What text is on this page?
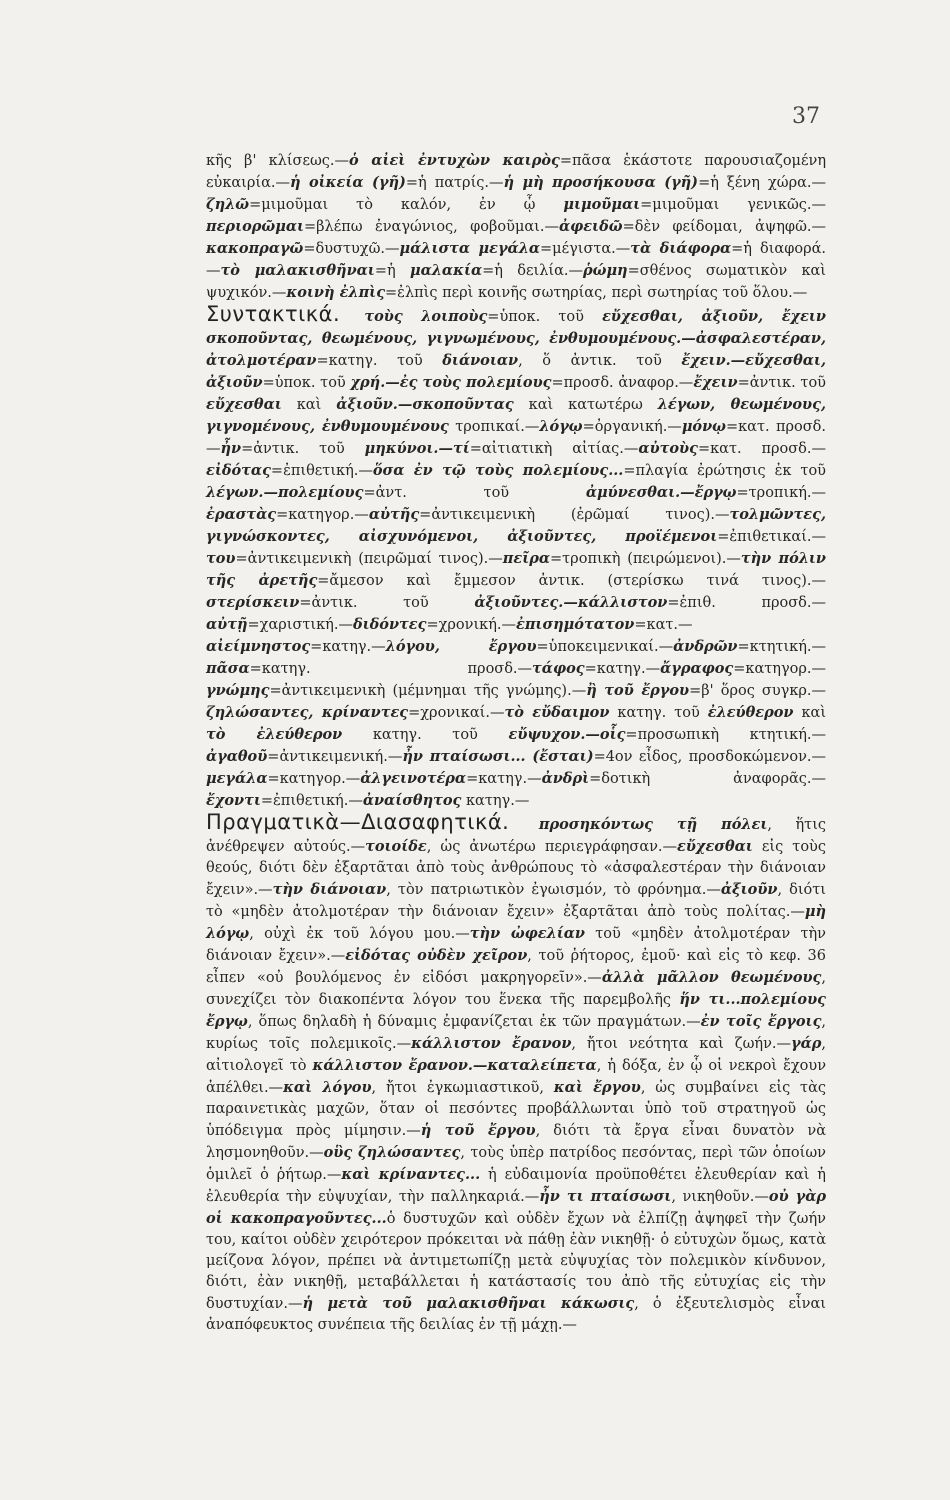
37

κῆς β' κλίσεως.—ὁ αἰεὶ ἐντυχὼν καιρὸς=πᾶσα ἑκάστοτε παρουσιαζομένη εὐκαιρία.—ἡ οἰκεία (γῆ)=ἡ πατρίς.—ἡ μὴ προσήκουσα (γῆ)=ἡ ξένη χώρα.—ζηλῶ=μιμοῦμαι τὸ καλόν, ἐν ᾧ μιμοῦμαι=μιμοῦμαι γενικῶς.—περιορῶμαι=βλέπω ἐναγώνιος, φοβοῦμαι.—ἀφειδῶ=δὲν φείδομαι, ἀψηφῶ.—κακοπραγῶ=δυστυχῶ.—μάλιστα μεγάλα=μέγιστα.—τὰ διάφορα=ἡ διαφορά.—τὸ μαλακισθῆναι=ἡ μαλακία=ἡ δειλία.—ῥώμη=σθένος σωματικὸν καὶ ψυχικόν.—κοινὴ ἐλπὶς=ἐλπὶς περὶ κοινῆς σωτηρίας, περὶ σωτηρίας τοῦ ὅλου.—

Συντακτικά. τοὺς λοιποὺς=ὑποκ. τοῦ εὔχεσθαι, ἀξιοῦν, ἔχειν σκοποῦντας, θεωμένους, γιγνωμένους, ἐνθυμουμένους.—ἀσφαλεστέραν, ἀτολμοτέραν=κατηγ. τοῦ διάνοιαν, ὅ ἀντικ. τοῦ ἔχειν.—εὔχεσθαι, ἀξιοῦν=ὑποκ. τοῦ χρή.—ἐς τοὺς πολεμίους=προσδ. ἀναφορ.—ἔχειν=ἀντικ. τοῦ εὔχεσθαι καὶ ἀξιοῦν.—σκοποῦντας καὶ κατωτέρω λέγων, θεωμένους, γιγνομένους, ἐνθυμουμένους τροπικαί.—λόγῳ=ὀργανική.—μόνῳ=κατ. προσδ.—ἦν=ἀντικ. τοῦ μηκύνοι.—τί=αἰτιατικὴ αἰτίας.—αὐτοὺς=κατ. προσδ.—εἰδότας=ἐπιθετική.—ὅσα ἐν τῷ τοὺς πολεμίους...=πλαγία ἐρώτησις ἐκ τοῦ λέγων.—πολεμίους=ἀντ. τοῦ ἀμύνεσθαι.—ἔργῳ=τροπική.—ἐραστὰς=κατηγορ.—αὐτῆς=ἀντικειμενικὴ (ἐρῶμαί τινος).—τολμῶντες, γιγνώσκοντες, αἰσχυνόμενοι, ἀξιοῦντες, προϊέμενοι=ἐπιθετικαί.—του=ἀντικειμενικὴ (πειρῶμαί τινος).—πεῖρα=τροπικὴ (πειρώμενοι).—τὴν πόλιν τῆς ἀρετῆς=ἄμεσον καὶ ἔμμεσον ἀντικ. (στερίσκω τινά τινος).—στερίσκειν=ἀντικ. τοῦ ἀξιοῦντες.—κάλλιστον=ἐπιθ. προσδ.—αὐτῇ=χαριστική.—διδόντες=χρονική.—ἐπισημότατον=κατ.—αἰείμνηστος=κατηγ.—λόγου, ἔργου=ὑποκειμενικαί.—ἀνδρῶν=κτητική.—πᾶσα=κατηγ. προσδ.—τάφος=κατηγ.—ἄγραφος=κατηγορ.—γνώμης=ἀντικειμενικὴ (μέμνημαι τῆς γνώμης).—ἢ τοῦ ἔργου=β' ὅρος συγκρ.—ζηλώσαντες, κρίναντες=χρονικαί.—τὸ εὔδαιμον κατηγ. τοῦ ἐλεύθερον καὶ τὸ ἐλεύθερον κατηγ. τοῦ εὔψυχον.—οἷς=προσωπικὴ κτητική.—ἀγαθοῦ=ἀντικειμενική.—ἦν πταίσωσι... (ἔσται)=4ον εἶδος, προσδοκώμενον.—μεγάλα=κατηγορ.—ἀλγεινοτέρα=κατηγ.—ἀνδρὶ=δοτικὴ ἀναφορᾶς.—ἔχοντι=ἐπιθετική.—ἀναίσθητος κατηγ.—

Πραγματικὰ—Διασαφητικά. προσηκόντως τῇ πόλει, ἥτις ἀνέθρεψεν αὐτούς.—τοιοίδε, ὡς ἀνωτέρω περιεγράφησαν.—εὔχεσθαι εἰς τοὺς θεούς, διότι δὲν ἐξαρτᾶται ἀπὸ τοὺς ἀνθρώπους τὸ «ἀσφαλεστέραν τὴν διάνοιαν ἔχειν».—τὴν διάνοιαν, τὸν πατριωτικὸν ἐγωισμόν, τὸ φρόνημα.—ἀξιοῦν, διότι τὸ «μηδὲν ἀτολμοτέραν τὴν διάνοιαν ἔχειν» ἐξαρτᾶται ἀπὸ τοὺς πολίτας.—μὴ λόγῳ, οὐχὶ ἐκ τοῦ λόγου μου.—τὴν ὠφελίαν τοῦ «μηδὲν ἀτολμοτέραν τὴν διάνοιαν ἔχειν».—εἰδότας οὐδὲν χεῖρον, τοῦ ῥήτορος, ἐμοῦ· καὶ εἰς τὸ κεφ. 36 εἶπεν «οὐ βουλόμενος ἐν εἰδόσι μακρηγορεῖν».—ἀλλὰ μᾶλλον θεωμένους, συνεχίζει τὸν διακοπέντα λόγον του ἕνεκα τῆς παρεμβολῆς ἥν τι...πολεμίους ἔργῳ, ὅπως δηλαδὴ ἡ δύναμις ἐμφανίζεται ἐκ τῶν πραγμάτων.—ἐν τοῖς ἔργοις, κυρίως τοῖς πολεμικοῖς.—κάλλιστον ἔρανον, ἤτοι νεότητα καὶ ζωήν.—γάρ, αἰτιολογεῖ τὸ κάλλιστον ἔρανον.—καταλείπετα, ἡ δόξα, ἐν ᾧ οἱ νεκροὶ ἔχουν ἀπέλθει.—καὶ λόγου, ἤτοι ἐγκωμιαστικοῦ, καὶ ἔργου, ὡς συμβαίνει εἰς τὰς παραινετικὰς μαχῶν, ὅταν οἱ πεσόντες προβάλλωνται ὑπὸ τοῦ στρατηγοῦ ὡς ὑπόδειγμα πρὸς μίμησιν.—ἡ τοῦ ἔργου, διότι τὰ ἔργα εἶναι δυνατὸν νὰ λησμονηθοῦν.—οὓς ζηλώσαντες, τοὺς ὑπὲρ πατρίδος πεσόντας, περὶ τῶν ὁποίων ὁμιλεῖ ὁ ῥήτωρ.—καὶ κρίναντες... ἡ εὐδαιμονία προϋποθέτει ἐλευθερίαν καὶ ἡ ἐλευθερία τὴν εὐψυχίαν, τὴν παλληκαριά.—ἦν τι πταίσωσι, νικηθοῦν.—οὐ γὰρ οἱ κακοπραγοῦντες...ὁ δυστυχῶν καὶ οὐδὲν ἔχων νὰ ἐλπίζῃ ἀψηφεῖ τὴν ζωήν του, καίτοι οὐδὲν χειρότερον πρόκειται νὰ πάθῃ ἐὰν νικηθῇ· ὁ εὐτυχὼν ὅμως, κατὰ μείζονα λόγον, πρέπει νὰ ἀντιμετωπίζῃ μετὰ εὐψυχίας τὸν πολεμικὸν κίνδυνον, διότι, ἐὰν νικηθῇ, μεταβάλλεται ἡ κατάστασίς του ἀπὸ τῆς εὐτυχίας εἰς τὴν δυστυχίαν.—ἡ μετὰ τοῦ μαλακισθῆναι κάκωσις, ὁ ἐξευτελισμὸς εἶναι ἀναπόφευκτος συνέπεια τῆς δειλίας ἐν τῇ μάχῃ.—
